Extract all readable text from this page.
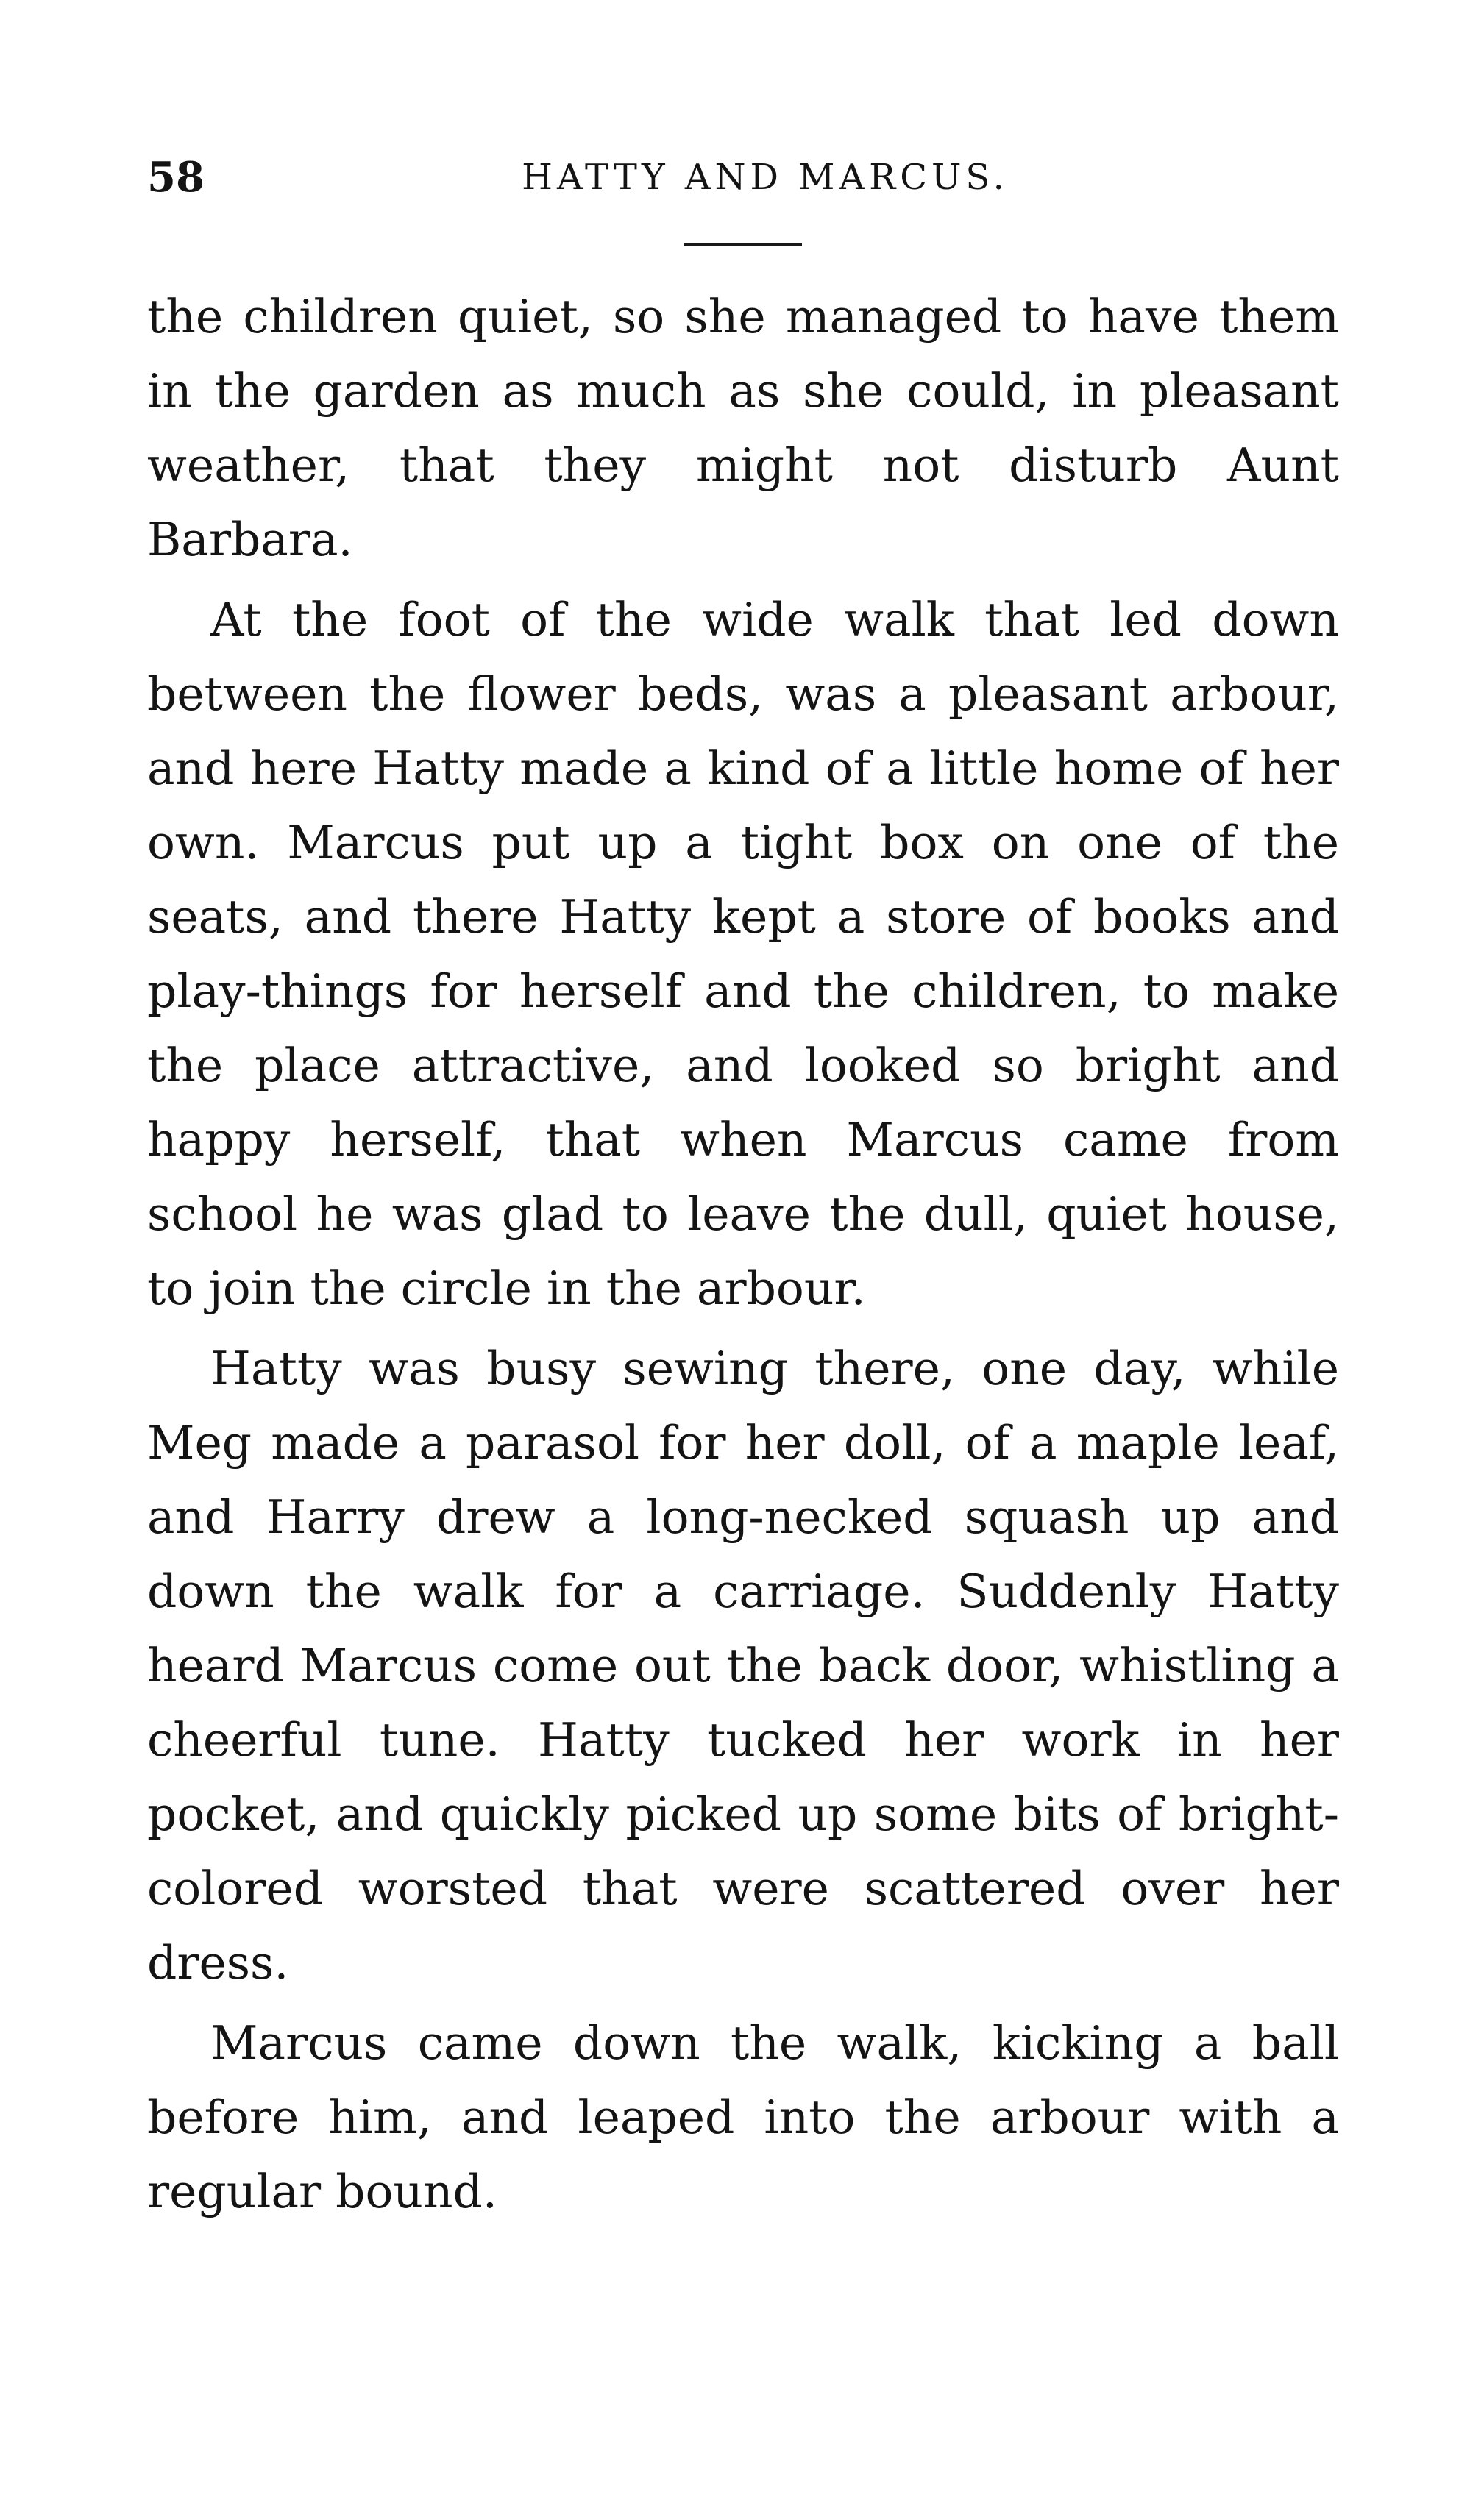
58	HATTY AND MARCUS.

the children quiet, so she managed to have them in the garden as much as she could, in pleasant weather, that they might not disturb Aunt Barbara.

At the foot of the wide walk that led down between the flower beds, was a pleasant arbour, and here Hatty made a kind of a little home of her own. Marcus put up a tight box on one of the seats, and there Hatty kept a store of books and play-things for herself and the children, to make the place attractive, and looked so bright and happy herself, that when Marcus came from school he was glad to leave the dull, quiet house, to join the circle in the arbour.

Hatty was busy sewing there, one day, while Meg made a parasol for her doll, of a maple leaf, and Harry drew a long-necked squash up and down the walk for a carriage. Suddenly Hatty heard Marcus come out the back door, whistling a cheerful tune. Hatty tucked her work in her pocket, and quickly picked up some bits of bright-colored worsted that were scattered over her dress.

Marcus came down the walk, kicking a ball before him, and leaped into the arbour with a regular bound.
